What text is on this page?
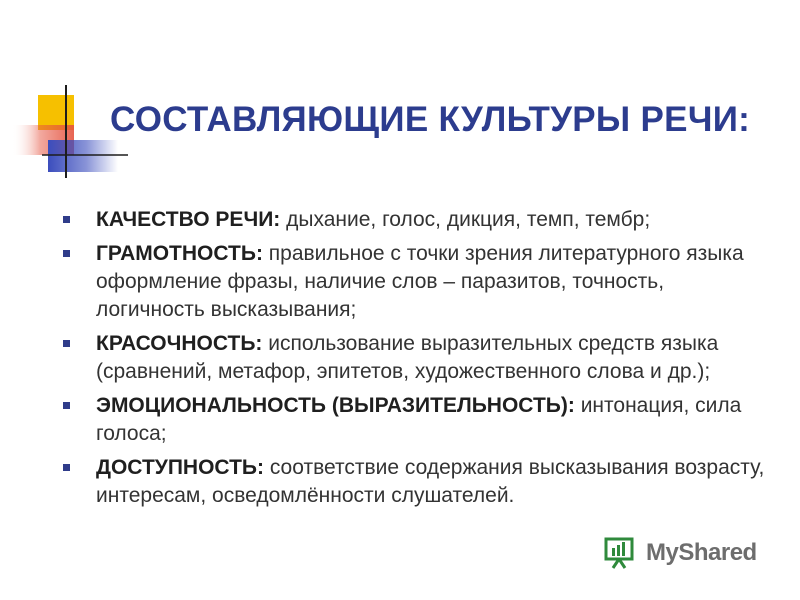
СОСТАВЛЯЮЩИЕ КУЛЬТУРЫ РЕЧИ:
КАЧЕСТВО РЕЧИ: дыхание, голос, дикция, темп, тембр;
ГРАМОТНОСТЬ: правильное с точки зрения литературного языка оформление фразы, наличие слов – паразитов, точность, логичность высказывания;
КРАСОЧНОСТЬ: использование выразительных средств языка (сравнений, метафор, эпитетов, художественного слова и др.);
ЭМОЦИОНАЛЬНОСТЬ (ВЫРАЗИТЕЛЬНОСТЬ): интонация, сила голоса;
ДОСТУПНОСТЬ: соответствие содержания высказывания возрасту, интересам, осведомлённости слушателей.
MyShared
